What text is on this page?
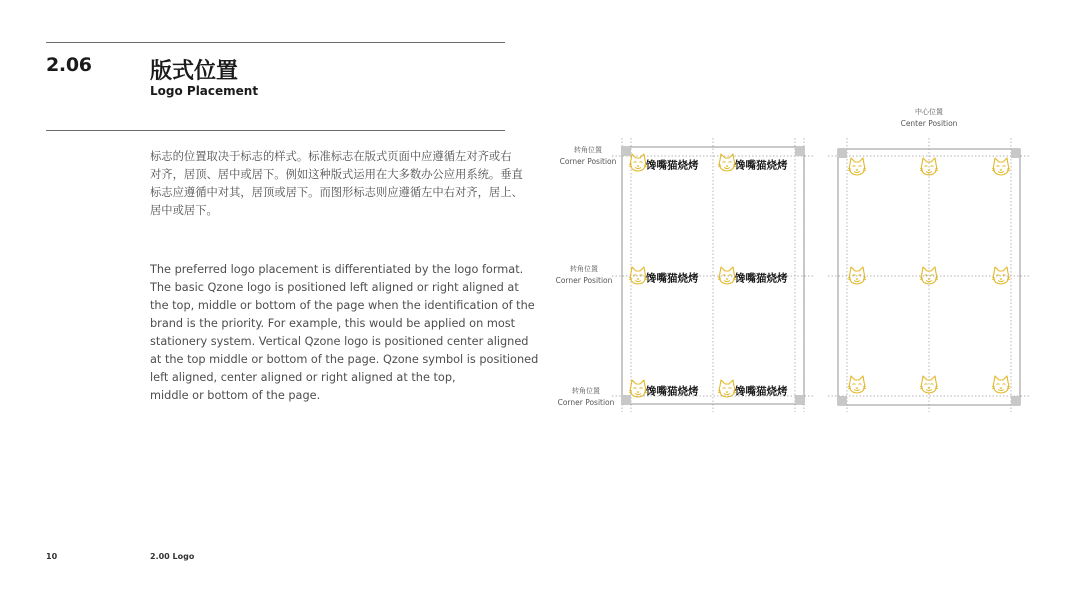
2.06	版式位置
Logo Placement
标志的位置取决于标志的样式。标准标志在版式页面中应遵循左对齐或右
对齐，居顶、居中或居下。例如这种版式运用在大多数办公应用系统。垂直
标志应遵循中对其，居顶或居下。而图形标志则应遵循左中右对齐，居上、
居中或居下。
The preferred logo placement is differentiated by the logo format.
The basic Qzone logo is positioned left aligned or right aligned at
the top, middle or bottom of the page when the identification of the
brand is the priority. For example, this would be applied on most
stationery system. Vertical Qzone logo is positioned center aligned
at the top middle or bottom of the page. Qzone symbol is positioned
left aligned, center aligned or right aligned at the top,
middle or bottom of the page.
馋嘴猫烧烤	馋嘴猫烧烤
馋嘴猫烧烤	馋嘴猫烧烤
馋嘴猫烧烤	馋嘴猫烧烤
转角位置
Corner Position
转角位置
Corner Position
转角位置
Corner Position
中心位置
Center Position
10	2.00 Logo
